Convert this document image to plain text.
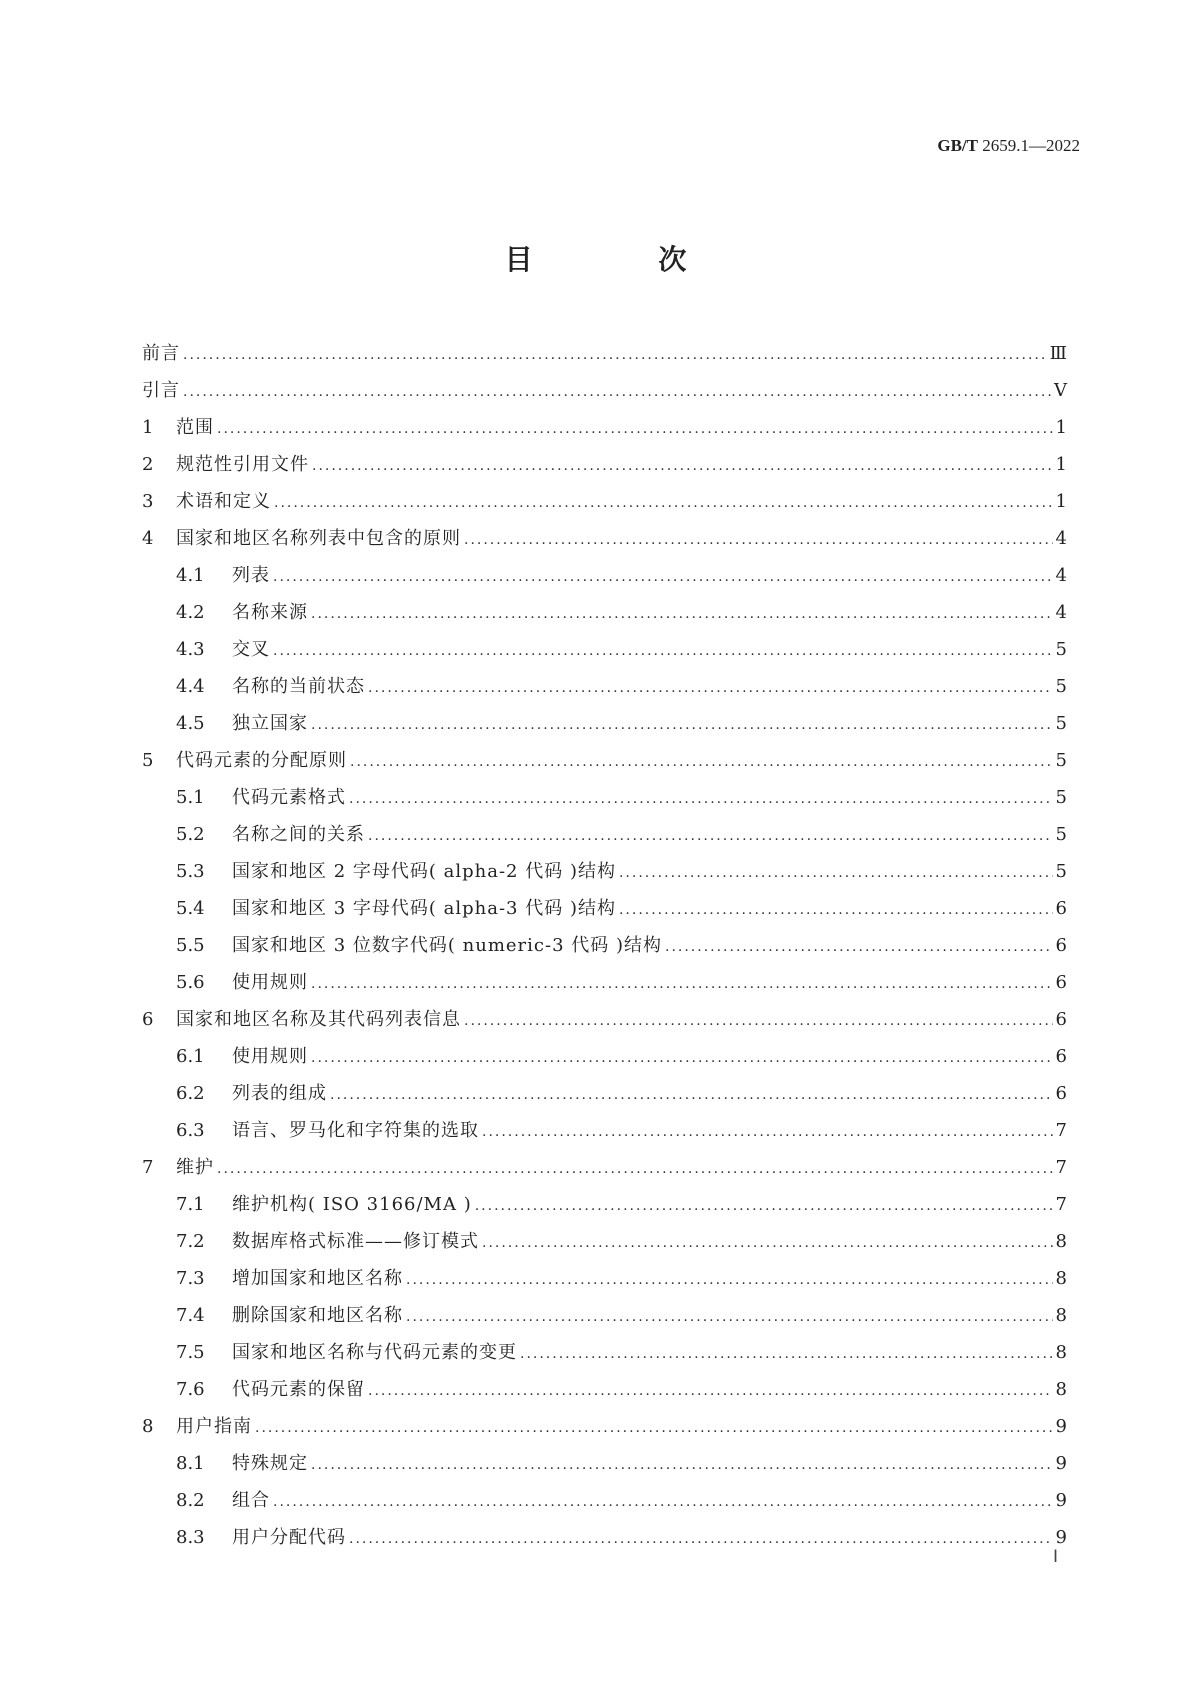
GB/T 2659.1—2022
目 次
前言 .....	Ⅲ
引言 .....	Ⅴ
1	范围 .....	1
2	规范性引用文件 .....	1
3	术语和定义 .....	1
4	国家和地区名称列表中包含的原则 .....	4
4.1	列表 .....	4
4.2	名称来源 .....	4
4.3	交叉 .....	5
4.4	名称的当前状态 .....	5
4.5	独立国家 .....	5
5	代码元素的分配原则 .....	5
5.1	代码元素格式 .....	5
5.2	名称之间的关系 .....	5
5.3	国家和地区 2 字母代码( alpha-2 代码 )结构 .....	5
5.4	国家和地区 3 字母代码( alpha-3 代码 )结构 .....	6
5.5	国家和地区 3 位数字代码( numeric-3 代码 )结构 .....	6
5.6	使用规则 .....	6
6	国家和地区名称及其代码列表信息 .....	6
6.1	使用规则 .....	6
6.2	列表的组成 .....	6
6.3	语言、罗马化和字符集的选取 .....	7
7	维护 .....	7
7.1	维护机构( ISO 3166/MA ) .....	7
7.2	数据库格式标准——修订模式 .....	8
7.3	增加国家和地区名称 .....	8
7.4	删除国家和地区名称 .....	8
7.5	国家和地区名称与代码元素的变更 .....	8
7.6	代码元素的保留 .....	8
8	用户指南 .....	9
8.1	特殊规定 .....	9
8.2	组合 .....	9
8.3	用户分配代码 .....	9
Ⅰ
